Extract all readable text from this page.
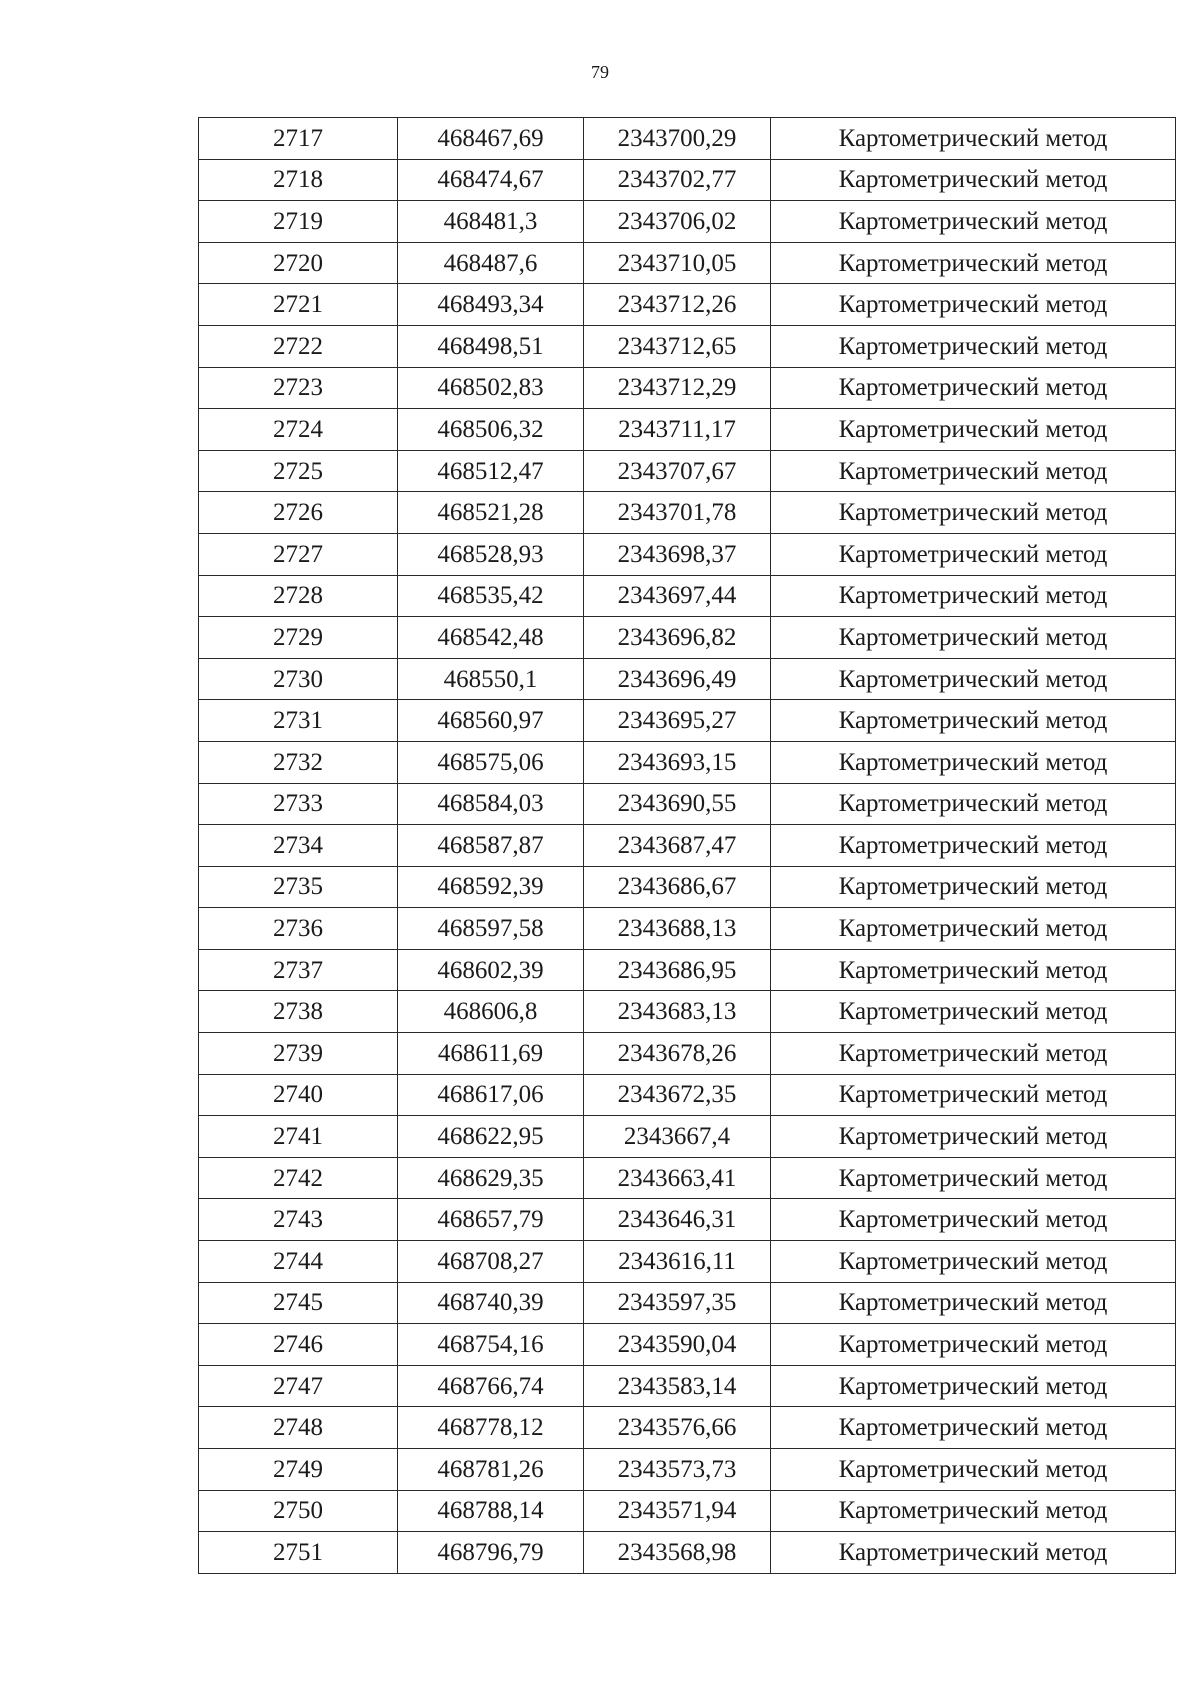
79
2717	468467,69	2343700,29	Картометрический метод
2718	468474,67	2343702,77	Картометрический метод
2719	468481,3	2343706,02	Картометрический метод
2720	468487,6	2343710,05	Картометрический метод
2721	468493,34	2343712,26	Картометрический метод
2722	468498,51	2343712,65	Картометрический метод
2723	468502,83	2343712,29	Картометрический метод
2724	468506,32	2343711,17	Картометрический метод
2725	468512,47	2343707,67	Картометрический метод
2726	468521,28	2343701,78	Картометрический метод
2727	468528,93	2343698,37	Картометрический метод
2728	468535,42	2343697,44	Картометрический метод
2729	468542,48	2343696,82	Картометрический метод
2730	468550,1	2343696,49	Картометрический метод
2731	468560,97	2343695,27	Картометрический метод
2732	468575,06	2343693,15	Картометрический метод
2733	468584,03	2343690,55	Картометрический метод
2734	468587,87	2343687,47	Картометрический метод
2735	468592,39	2343686,67	Картометрический метод
2736	468597,58	2343688,13	Картометрический метод
2737	468602,39	2343686,95	Картометрический метод
2738	468606,8	2343683,13	Картометрический метод
2739	468611,69	2343678,26	Картометрический метод
2740	468617,06	2343672,35	Картометрический метод
2741	468622,95	2343667,4	Картометрический метод
2742	468629,35	2343663,41	Картометрический метод
2743	468657,79	2343646,31	Картометрический метод
2744	468708,27	2343616,11	Картометрический метод
2745	468740,39	2343597,35	Картометрический метод
2746	468754,16	2343590,04	Картометрический метод
2747	468766,74	2343583,14	Картометрический метод
2748	468778,12	2343576,66	Картометрический метод
2749	468781,26	2343573,73	Картометрический метод
2750	468788,14	2343571,94	Картометрический метод
2751	468796,79	2343568,98	Картометрический метод
